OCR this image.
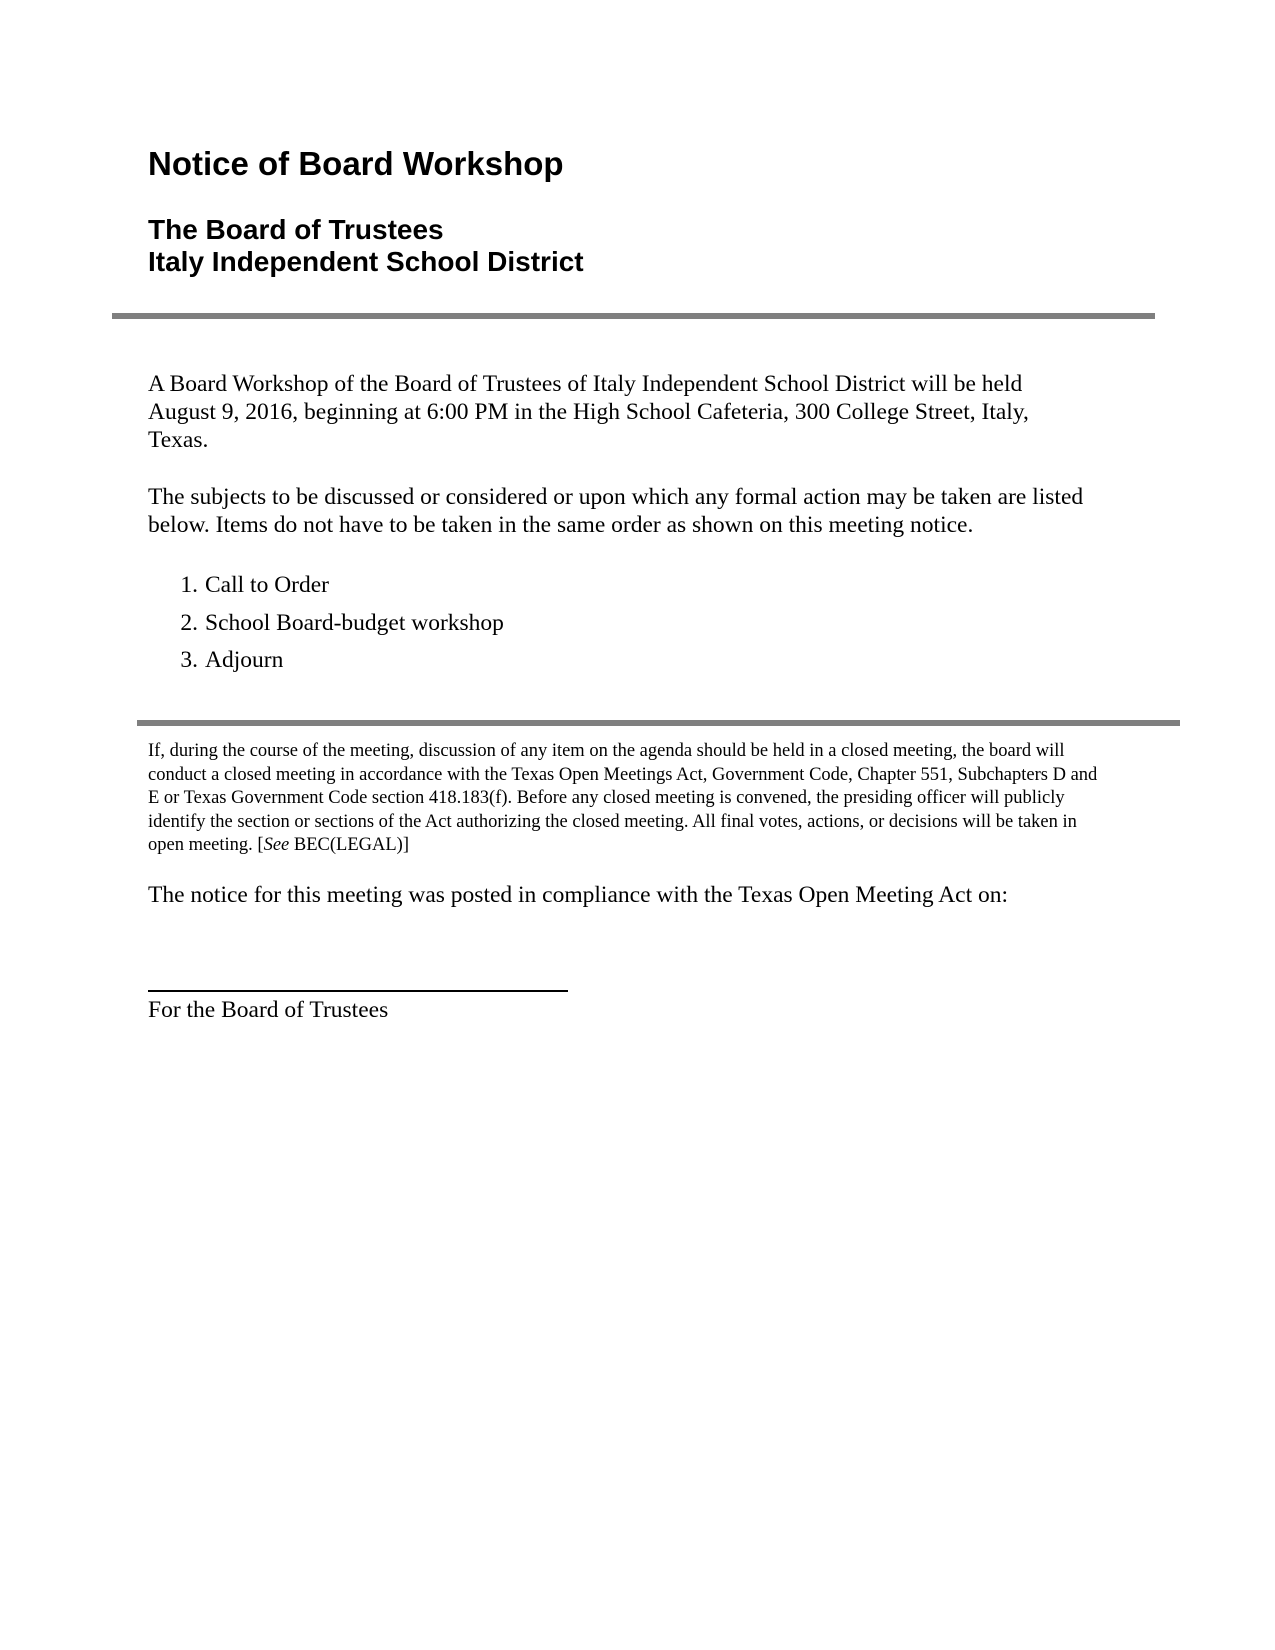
Notice of Board Workshop
The Board of Trustees
Italy Independent School District

A Board Workshop of the Board of Trustees of Italy Independent School District will be held August 9, 2016, beginning at 6:00 PM in the High School Cafeteria, 300 College Street, Italy, Texas.

The subjects to be discussed or considered or upon which any formal action may be taken are listed below. Items do not have to be taken in the same order as shown on this meeting notice.

1. Call to Order
2. School Board-budget workshop
3. Adjourn

If, during the course of the meeting, discussion of any item on the agenda should be held in a closed meeting, the board will conduct a closed meeting in accordance with the Texas Open Meetings Act, Government Code, Chapter 551, Subchapters D and E or Texas Government Code section 418.183(f). Before any closed meeting is convened, the presiding officer will publicly identify the section or sections of the Act authorizing the closed meeting. All final votes, actions, or decisions will be taken in open meeting. [See BEC(LEGAL)]

The notice for this meeting was posted in compliance with the Texas Open Meeting Act on:

For the Board of Trustees
